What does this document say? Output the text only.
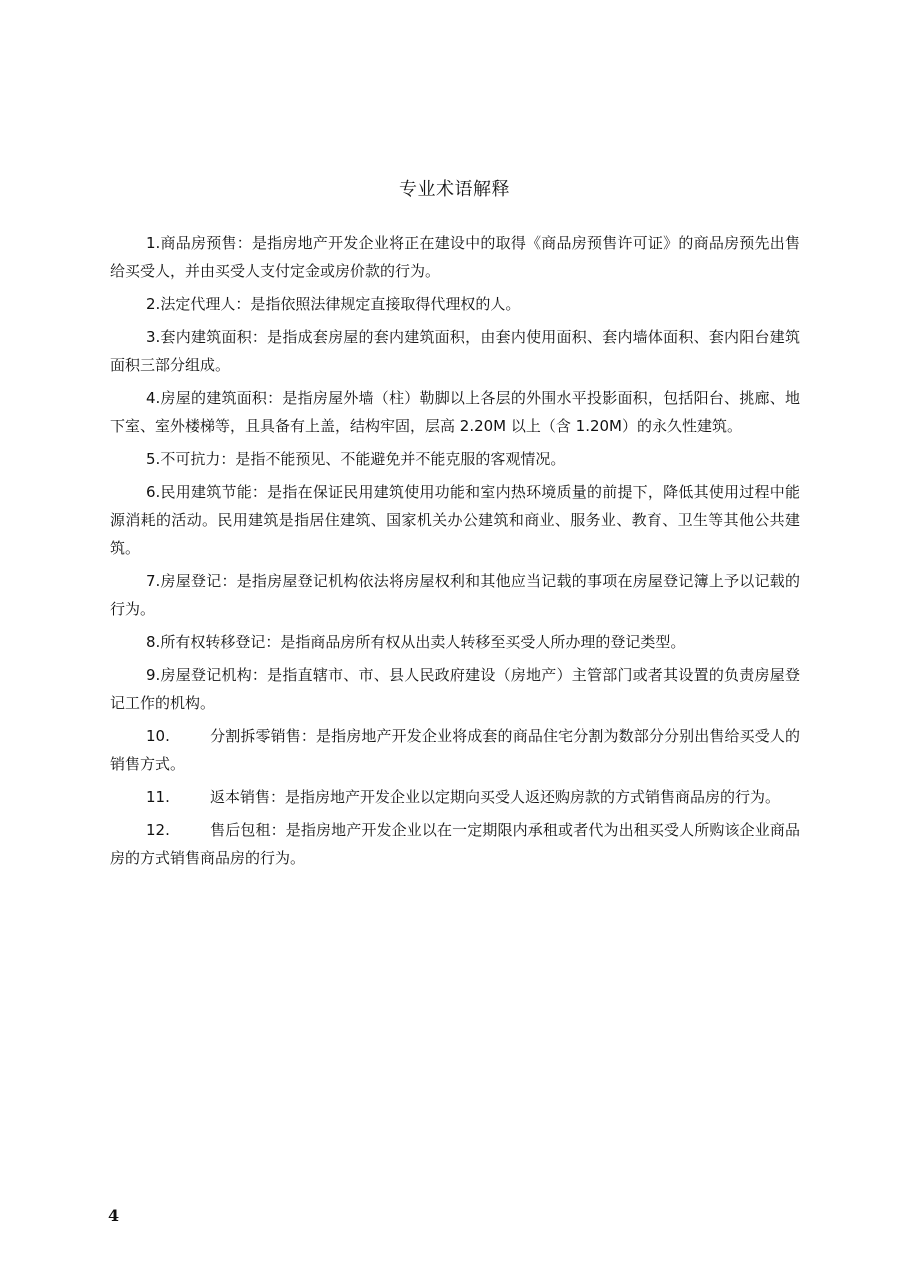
专业术语解释

1.商品房预售：是指房地产开发企业将正在建设中的取得《商品房预售许可证》的商品房预先出售给买受人，并由买受人支付定金或房价款的行为。

2.法定代理人：是指依照法律规定直接取得代理权的人。

3.套内建筑面积：是指成套房屋的套内建筑面积，由套内使用面积、套内墙体面积、套内阳台建筑面积三部分组成。

4.房屋的建筑面积：是指房屋外墙（柱）勒脚以上各层的外围水平投影面积，包括阳台、挑廊、地下室、室外楼梯等，且具备有上盖，结构牢固，层高 2.20M 以上（含 1.20M）的永久性建筑。

5.不可抗力：是指不能预见、不能避免并不能克服的客观情况。

6.民用建筑节能：是指在保证民用建筑使用功能和室内热环境质量的前提下，降低其使用过程中能源消耗的活动。民用建筑是指居住建筑、国家机关办公建筑和商业、服务业、教育、卫生等其他公共建筑。

7.房屋登记：是指房屋登记机构依法将房屋权利和其他应当记载的事项在房屋登记簿上予以记载的行为。

8.所有权转移登记：是指商品房所有权从出卖人转移至买受人所办理的登记类型。

9.房屋登记机构：是指直辖市、市、县人民政府建设（房地产）主管部门或者其设置的负责房屋登记工作的机构。

10.	分割拆零销售：是指房地产开发企业将成套的商品住宅分割为数部分分别出售给买受人的销售方式。

11.	返本销售：是指房地产开发企业以定期向买受人返还购房款的方式销售商品房的行为。

12.	售后包租：是指房地产开发企业以在一定期限内承租或者代为出租买受人所购该企业商品房的方式销售商品房的行为。

4
